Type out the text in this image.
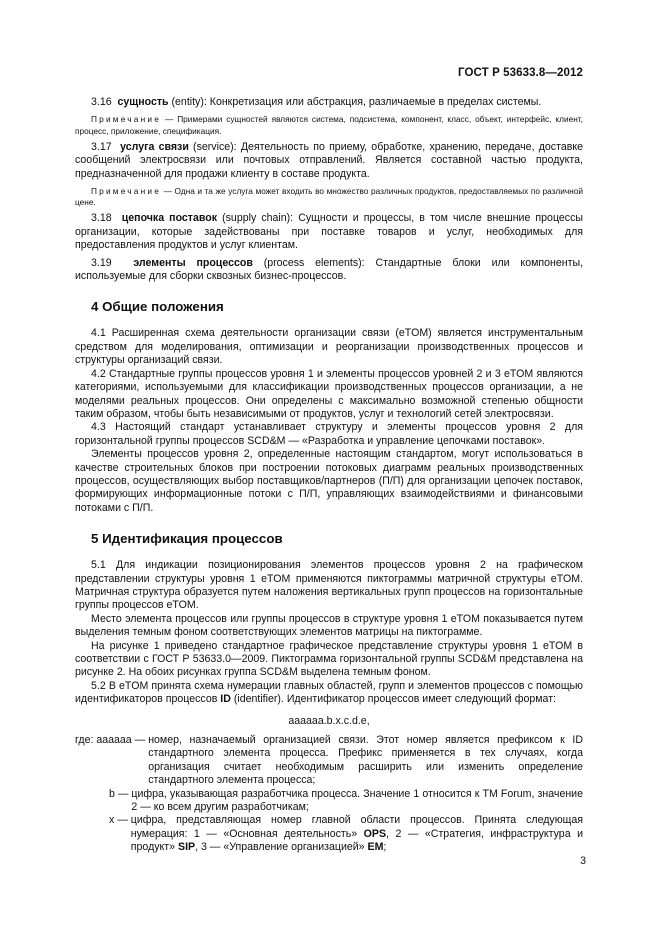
ГОСТ Р 53633.8—2012

3.16 сущность (entity): Конкретизация или абстракция, различаемые в пределах системы.

Примечание — Примерами сущностей являются система, подсистема, компонент, класс, объект, интерфейс, клиент, процесс, приложение, спецификация.

3.17 услуга связи (service): Деятельность по приему, обработке, хранению, передаче, доставке сообщений электросвязи или почтовых отправлений. Является составной частью продукта, предназначенной для продажи клиенту в составе продукта.

Примечание — Одна и та же услуга может входить во множество различных продуктов, предоставляемых по различной цене.

3.18 цепочка поставок (supply chain): Сущности и процессы, в том числе внешние процессы организации, которые задействованы при поставке товаров и услуг, необходимых для предоставления продуктов и услуг клиентам.

3.19 элементы процессов (process elements): Стандартные блоки или компоненты, используемые для сборки сквозных бизнес-процессов.

4 Общие положения

4.1 Расширенная схема деятельности организации связи (eTOM) является инструментальным средством для моделирования, оптимизации и реорганизации производственных процессов и структуры организаций связи.

4.2 Стандартные группы процессов уровня 1 и элементы процессов уровней 2 и 3 eTOM являются категориями, используемыми для классификации производственных процессов организации, а не моделями реальных процессов. Они определены с максимально возможной степенью общности таким образом, чтобы быть независимыми от продуктов, услуг и технологий сетей электросвязи.

4.3 Настоящий стандарт устанавливает структуру и элементы процессов уровня 2 для горизонтальной группы процессов SCD&M — «Разработка и управление цепочками поставок».

Элементы процессов уровня 2, определенные настоящим стандартом, могут использоваться в качестве строительных блоков при построении потоковых диаграмм реальных производственных процессов, осуществляющих выбор поставщиков/партнеров (П/П) для организации цепочек поставок, формирующих информационные потоки с П/П, управляющих взаимодействиями и финансовыми потоками с П/П.

5 Идентификация процессов

5.1 Для индикации позиционирования элементов процессов уровня 2 на графическом представлении структуры уровня 1 eTOM применяются пиктограммы матричной структуры eTOM. Матричная структура образуется путем наложения вертикальных групп процессов на горизонтальные группы процессов eTOM.

Место элемента процессов или группы процессов в структуре уровня 1 eTOM показывается путем выделения темным фоном соответствующих элементов матрицы на пиктограмме.

На рисунке 1 приведено стандартное графическое представление структуры уровня 1 eTOM в соответствии с ГОСТ Р 53633.0—2009. Пиктограмма горизонтальной группы SCD&M представлена на рисунке 2. На обоих рисунках группа SCD&M выделена темным фоном.

5.2 В eTOM принята схема нумерации главных областей, групп и элементов процессов с помощью идентификаторов процессов ID (identifier). Идентификатор процессов имеет следующий формат:

aaaaaa.b.x.c.d.e,

где: aaaaaa — номер, назначаемый организацией связи. Этот номер является префиксом к ID стандартного элемента процесса. Префикс применяется в тех случаях, когда организация считает необходимым расширить или изменить определение стандартного элемента процесса;
b — цифра, указывающая разработчика процесса. Значение 1 относится к TM Forum, значение 2 — ко всем другим разработчикам;
x — цифра, представляющая номер главной области процессов. Принята следующая нумерация: 1 — «Основная деятельность» OPS, 2 — «Стратегия, инфраструктура и продукт» SIP, 3 — «Управление организацией» EM;
3
